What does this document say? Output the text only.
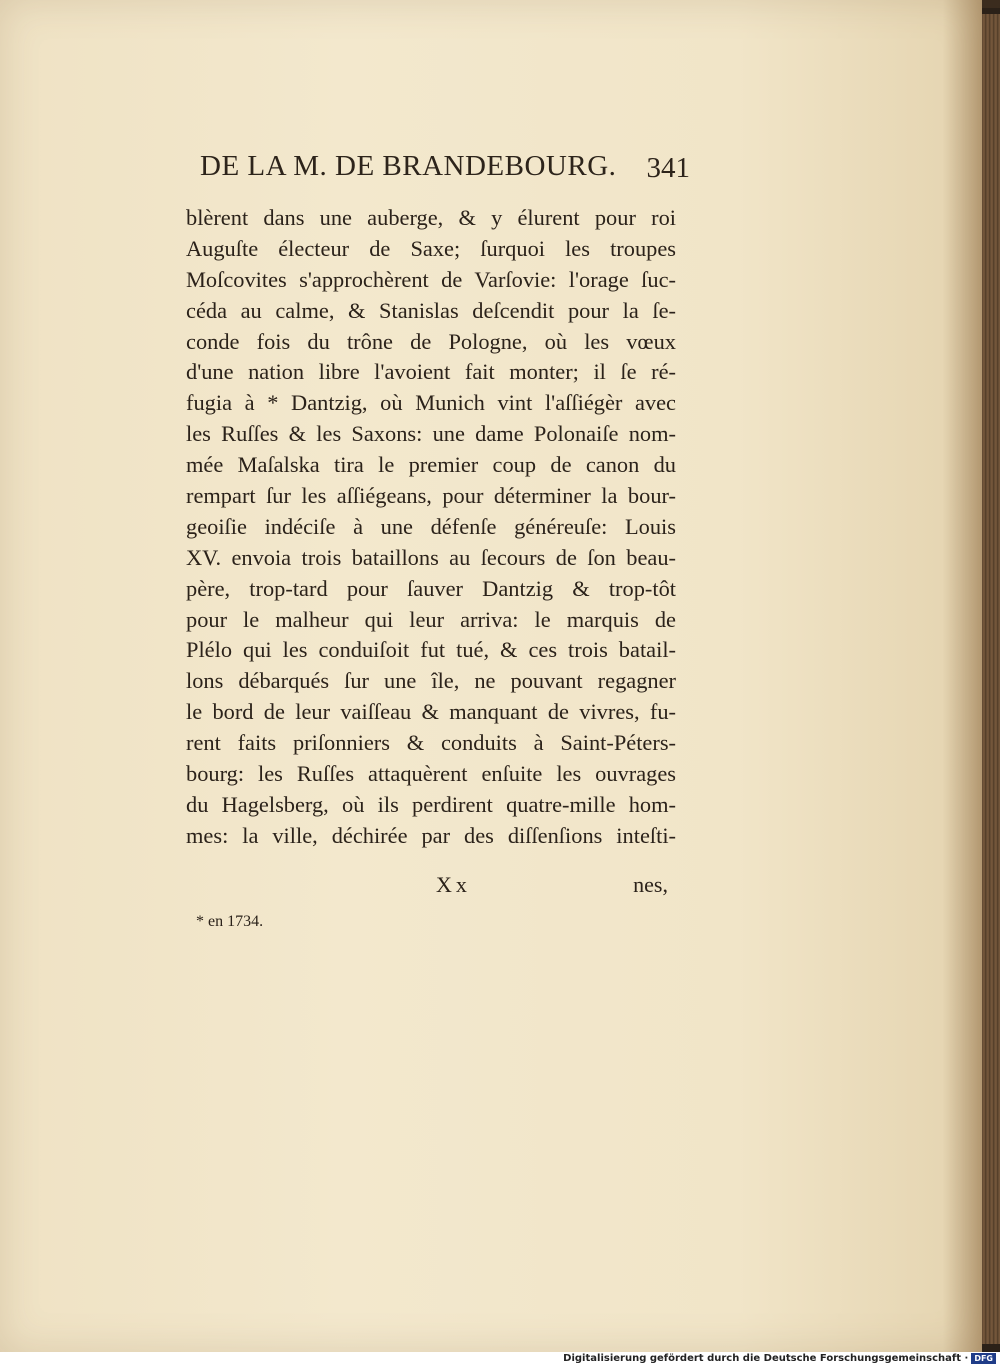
DE LA M. DE BRANDEBOURG. 341
blèrent dans une auberge, & y élurent pour roi
Auguſte électeur de Saxe; ſurquoi les troupes
Moſcovites s'approchèrent de Varſovie: l'orage ſuc-
céda au calme, & Stanislas deſcendit pour la ſe-
conde fois du trône de Pologne, où les vœux
d'une nation libre l'avoient fait monter; il ſe ré-
fugia à * Dantzig, où Munich vint l'aſſiégèr avec
les Ruſſes & les Saxons: une dame Polonaiſe nom-
mée Maſalska tira le premier coup de canon du
rempart ſur les aſſiégeans, pour déterminer la bour-
geoiſie indéciſe à une défenſe généreuſe: Louis
XV. envoia trois bataillons au ſecours de ſon beau-
père, trop-tard pour ſauver Dantzig & trop-tôt
pour le malheur qui leur arriva: le marquis de
Plélo qui les conduiſoit fut tué, & ces trois batail-
lons débarqués ſur une île, ne pouvant regagner
le bord de leur vaiſſeau & manquant de vivres, fu-
rent faits priſonniers & conduits à Saint-Péters-
bourg: les Ruſſes attaquèrent enſuite les ouvrages
du Hagelsberg, où ils perdirent quatre-mille hom-
mes: la ville, déchirée par des diſſenſions inteſti-
Xx	nes,
* en 1734.
Digitalisierung gefördert durch die Deutsche Forschungsgemeinschaft · DFG
